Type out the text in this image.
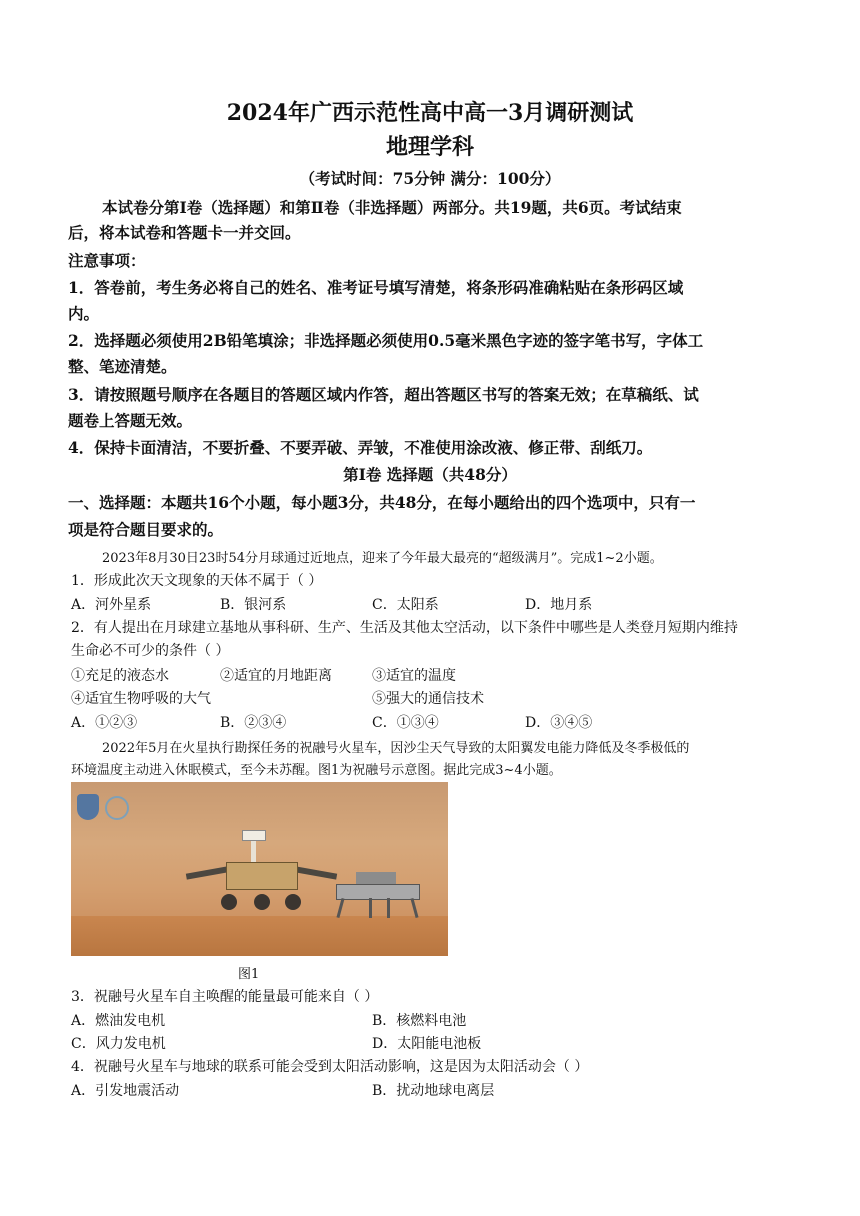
2024年广西示范性高中高一3月调研测试
地理学科
（考试时间：75分钟 满分：100分）
本试卷分第Ⅰ卷（选择题）和第Ⅱ卷（非选择题）两部分。共19题，共6页。考试结束
后，将本试卷和答题卡一并交回。
注意事项：
1．答卷前，考生务必将自己的姓名、准考证号填写清楚，将条形码准确粘贴在条形码区域
内。
2．选择题必须使用2B铅笔填涂；非选择题必须使用0.5毫米黑色字迹的签字笔书写，字体工
整、笔迹清楚。
3．请按照题号顺序在各题目的答题区域内作答，超出答题区书写的答案无效；在草稿纸、试
题卷上答题无效。
4．保持卡面清洁，不要折叠、不要弄破、弄皱，不准使用涂改液、修正带、刮纸刀。
第Ⅰ卷 选择题（共48分）
一、选择题：本题共16个小题，每小题3分，共48分，在每小题给出的四个选项中，只有一
项是符合题目要求的。
2023年8月30日23时54分月球通过近地点，迎来了今年最大最亮的“超级满月”。完成1~2小题。
1．形成此次天文现象的天体不属于（ ）
A．河外星系	B．银河系	C．太阳系	D．地月系
2．有人提出在月球建立基地从事科研、生产、生活及其他太空活动，以下条件中哪些是人类登月短期内维持
生命必不可少的条件（ ）
①充足的液态水	②适宜的月地距离	③适宜的温度
④适宜生物呼吸的大气	⑤强大的通信技术
A．①②③	B．②③④	C．①③④	D．③④⑤
2022年5月在火星执行勘探任务的祝融号火星车，因沙尘天气导致的太阳翼发电能力降低及冬季极低的
环境温度主动进入休眠模式，至今未苏醒。图1为祝融号示意图。据此完成3~4小题。
图1
3．祝融号火星车自主唤醒的能量最可能来自（ ）
A．燃油发电机	B．核燃料电池
C．风力发电机	D．太阳能电池板
4．祝融号火星车与地球的联系可能会受到太阳活动影响，这是因为太阳活动会（ ）
A．引发地震活动	B．扰动地球电离层
